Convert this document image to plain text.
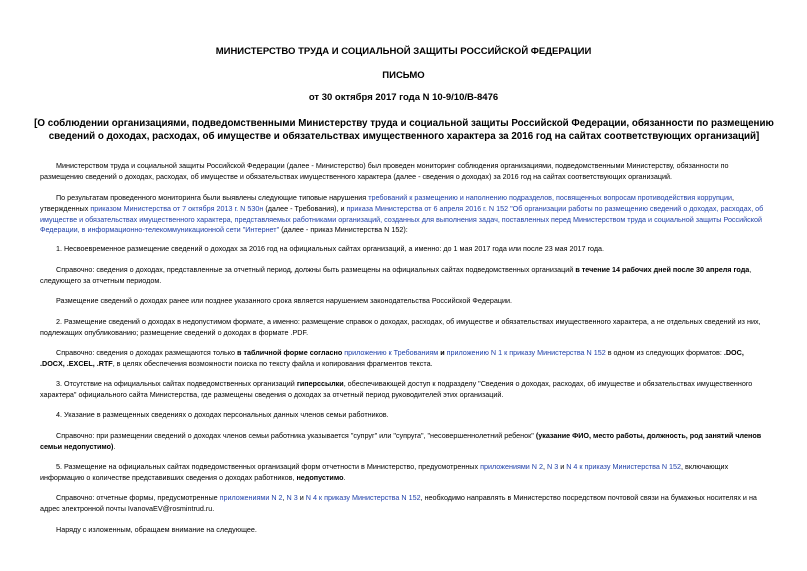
МИНИСТЕРСТВО ТРУДА И СОЦИАЛЬНОЙ ЗАЩИТЫ РОССИЙСКОЙ ФЕДЕРАЦИИ
ПИСЬМО
от 30 октября 2017 года N 10-9/10/В-8476
[О соблюдении организациями, подведомственными Министерству труда и социальной защиты Российской Федерации, обязанности по размещению сведений о доходах, расходах, об имуществе и обязательствах имущественного характера за 2016 год на сайтах соответствующих организаций]
Министерством труда и социальной защиты Российской Федерации (далее - Министерство) был проведен мониторинг соблюдения организациями, подведомственными Министерству, обязанности по размещению сведений о доходах, расходах, об имуществе и обязательствах имущественного характера (далее - сведения о доходах) за 2016 год на сайтах соответствующих организаций.
По результатам проведенного мониторинга были выявлены следующие типовые нарушения требований к размещению и наполнению подразделов, посвященных вопросам противодействия коррупции, утвержденных приказом Министерства от 7 октября 2013 г. N 530н (далее - Требования), и приказа Министерства от 6 апреля 2016 г. N 152 "Об организации работы по размещению сведений о доходах, расходах, об имуществе и обязательствах имущественного характера, представляемых работниками организаций, созданных для выполнения задач, поставленных перед Министерством труда и социальной защиты Российской Федерации, в информационно-телекоммуникационной сети "Интернет" (далее - приказ Министерства N 152):
1. Несвоевременное размещение сведений о доходах за 2016 год на официальных сайтах организаций, а именно: до 1 мая 2017 года или после 23 мая 2017 года.
Справочно: сведения о доходах, представленные за отчетный период, должны быть размещены на официальных сайтах подведомственных организаций в течение 14 рабочих дней после 30 апреля года, следующего за отчетным периодом.
Размещение сведений о доходах ранее или позднее указанного срока является нарушением законодательства Российской Федерации.
2. Размещение сведений о доходах в недопустимом формате, а именно: размещение справок о доходах, расходах, об имуществе и обязательствах имущественного характера, а не отдельных сведений из них, подлежащих опубликованию; размещение сведений о доходах в формате .PDF.
Справочно: сведения о доходах размещаются только в табличной форме согласно приложению к Требованиям и приложению N 1 к приказу Министерства N 152 в одном из следующих форматов: .DOC, .DOCX, .EXCEL, .RTF, в целях обеспечения возможности поиска по тексту файла и копирования фрагментов текста.
3. Отсутствие на официальных сайтах подведомственных организаций гиперссылки, обеспечивающей доступ к подразделу "Сведения о доходах, расходах, об имуществе и обязательствах имущественного характера" официального сайта Министерства, где размещены сведения о доходах за отчетный период руководителей этих организаций.
4. Указание в размещенных сведениях о доходах персональных данных членов семьи работников.
Справочно: при размещении сведений о доходах членов семьи работника указывается "супруг" или "супруга", "несовершеннолетний ребенок" (указание ФИО, место работы, должность, род занятий членов семьи недопустимо).
5. Размещение на официальных сайтах подведомственных организаций форм отчетности в Министерство, предусмотренных приложениями N 2, N 3 и N 4 к приказу Министерства N 152, включающих информацию о количестве представивших сведения о доходах работников, недопустимо.
Справочно: отчетные формы, предусмотренные приложениями N 2, N 3 и N 4 к приказу Министерства N 152, необходимо направлять в Министерство посредством почтовой связи на бумажных носителях и на адрес электронной почты IvanovaEV@rosmintrud.ru.
Наряду с изложенным, обращаем внимание на следующее.
